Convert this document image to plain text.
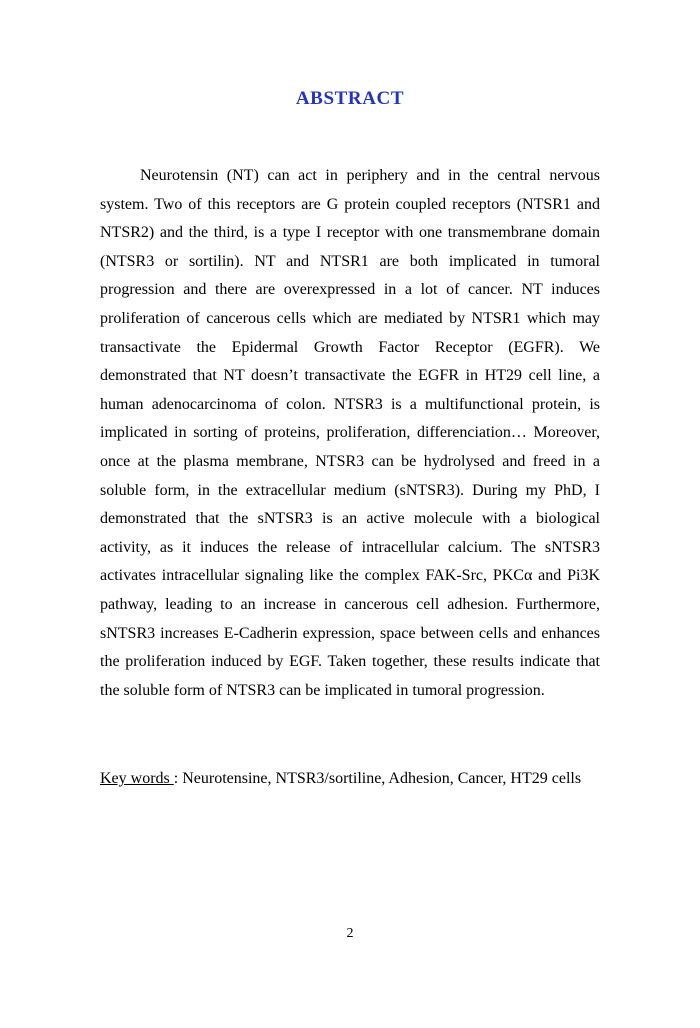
ABSTRACT

Neurotensin (NT) can act in periphery and in the central nervous system. Two of this receptors are G protein coupled receptors (NTSR1 and NTSR2) and the third, is a type I receptor with one transmembrane domain (NTSR3 or sortilin). NT and NTSR1 are both implicated in tumoral progression and there are overexpressed in a lot of cancer. NT induces proliferation of cancerous cells which are mediated by NTSR1 which may transactivate the Epidermal Growth Factor Receptor (EGFR). We demonstrated that NT doesn’t transactivate the EGFR in HT29 cell line, a human adenocarcinoma of colon. NTSR3 is a multifunctional protein, is implicated in sorting of proteins, proliferation, differenciation… Moreover, once at the plasma membrane, NTSR3 can be hydrolysed and freed in a soluble form, in the extracellular medium (sNTSR3). During my PhD, I demonstrated that the sNTSR3 is an active molecule with a biological activity, as it induces the release of intracellular calcium. The sNTSR3 activates intracellular signaling like the complex FAK-Src, PKCα and Pi3K pathway, leading to an increase in cancerous cell adhesion. Furthermore, sNTSR3 increases E-Cadherin expression, space between cells and enhances the proliferation induced by EGF. Taken together, these results indicate that the soluble form of NTSR3 can be implicated in tumoral progression.

Key words : Neurotensine, NTSR3/sortiline, Adhesion, Cancer, HT29 cells

2
